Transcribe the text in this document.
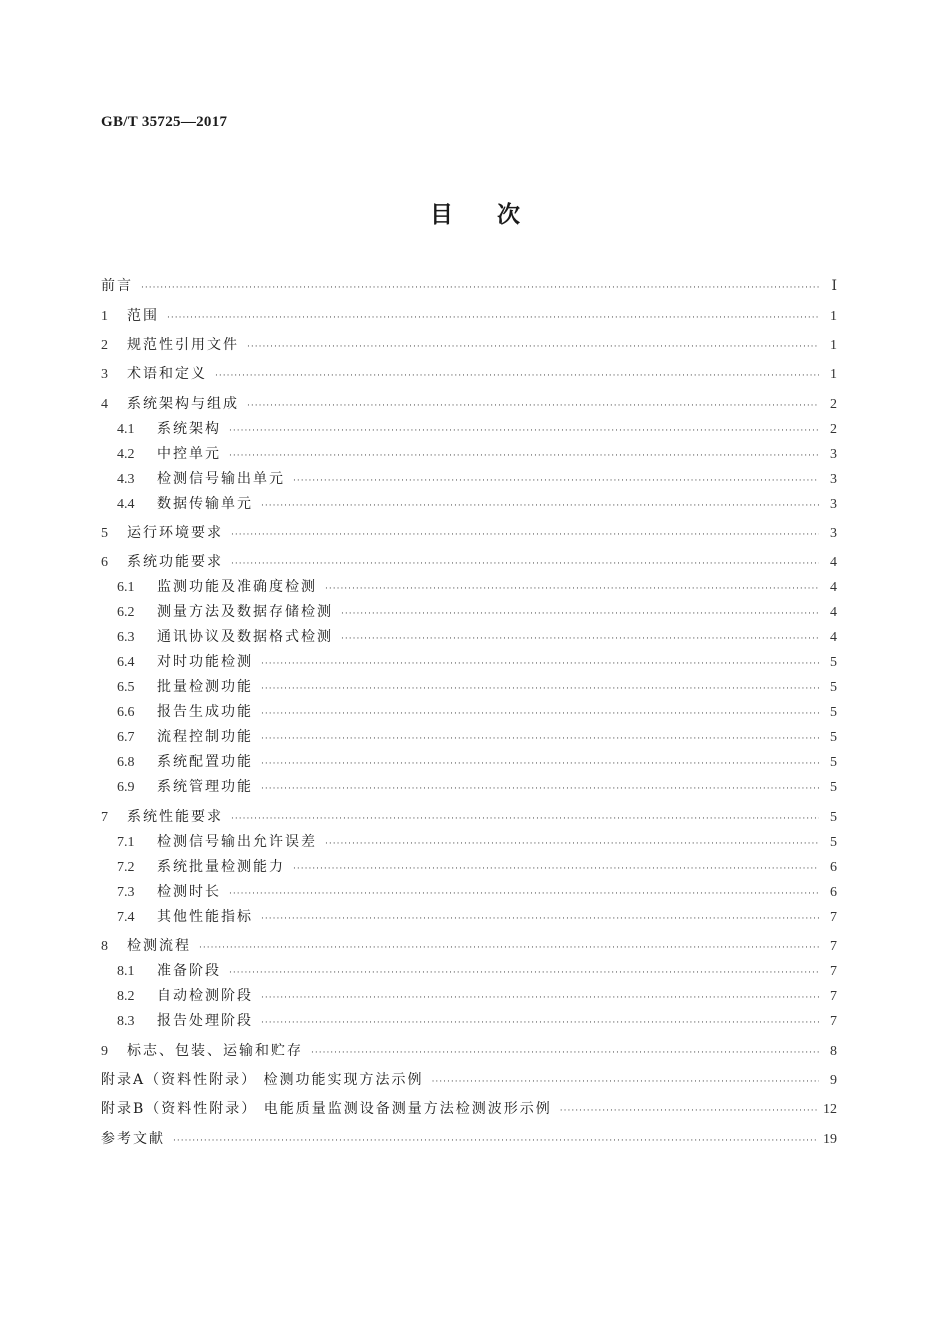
GB/T 35725—2017
目 次
前言 ·····	Ⅰ
1	范围 ·····	1
2	规范性引用文件 ·····	1
3	术语和定义 ·····	1
4	系统架构与组成 ·····	2
4.1	系统架构 ·····	2
4.2	中控单元 ·····	3
4.3	检测信号输出单元 ·····	3
4.4	数据传输单元 ·····	3
5	运行环境要求 ·····	3
6	系统功能要求 ·····	4
6.1	监测功能及准确度检测 ·····	4
6.2	测量方法及数据存储检测 ·····	4
6.3	通讯协议及数据格式检测 ·····	4
6.4	对时功能检测 ·····	5
6.5	批量检测功能 ·····	5
6.6	报告生成功能 ·····	5
6.7	流程控制功能 ·····	5
6.8	系统配置功能 ·····	5
6.9	系统管理功能 ·····	5
7	系统性能要求 ·····	5
7.1	检测信号输出允许误差 ·····	5
7.2	系统批量检测能力 ·····	6
7.3	检测时长 ·····	6
7.4	其他性能指标 ·····	7
8	检测流程 ·····	7
8.1	准备阶段 ·····	7
8.2	自动检测阶段 ·····	7
8.3	报告处理阶段 ·····	7
9	标志、包装、运输和贮存 ·····	8
附录A（资料性附录） 检测功能实现方法示例 ·····	9
附录B（资料性附录） 电能质量监测设备测量方法检测波形示例 ·····	12
参考文献 ·····	19
